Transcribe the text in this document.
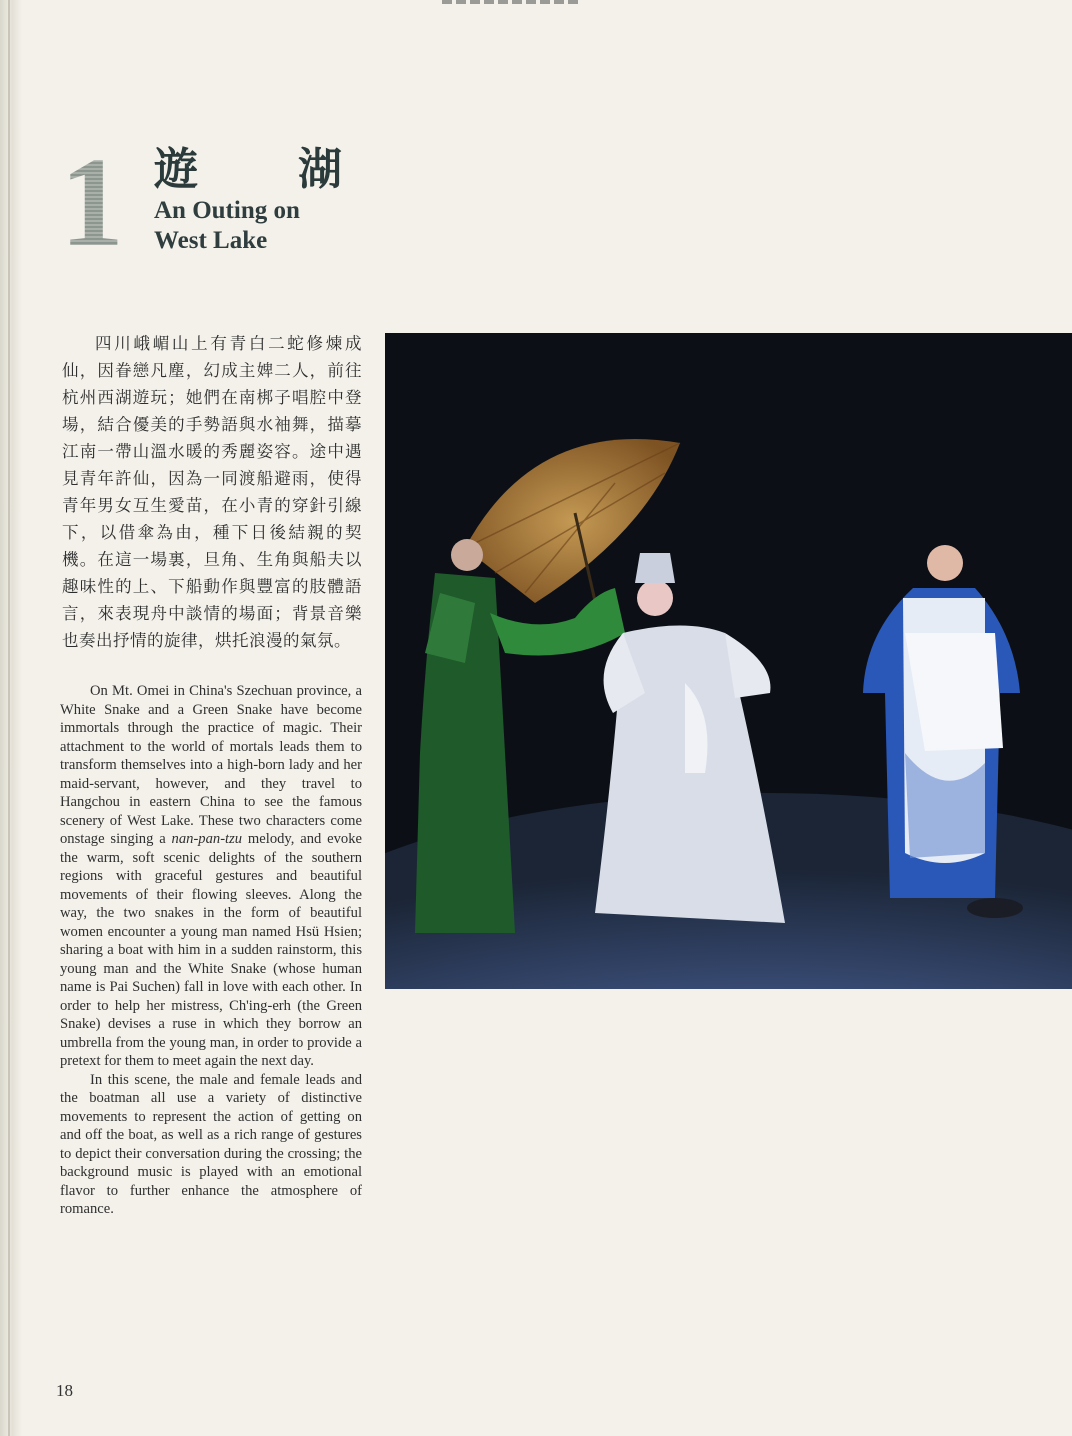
1 遊湖
An Outing on
West Lake

四川峨嵋山上有青白二蛇修煉成仙，因眷戀凡塵，幻成主婢二人，前往杭州西湖遊玩；她們在南梆子唱腔中登場，結合優美的手勢語與水袖舞，描摹江南一帶山溫水暖的秀麗姿容。途中遇見青年許仙，因為一同渡船避雨，使得青年男女互生愛苗，在小青的穿針引線下，以借傘為由，種下日後結親的契機。在這一場裏，旦角、生角與船夫以趣味性的上、下船動作與豐富的肢體語言，來表現舟中談情的場面；背景音樂也奏出抒情的旋律，烘托浪漫的氣氛。

On Mt. Omei in China's Szechuan province, a White Snake and a Green Snake have become immortals through the practice of magic. Their attachment to the world of mortals leads them to transform themselves into a high-born lady and her maid-servant, however, and they travel to Hangchou in eastern China to see the famous scenery of West Lake. These two characters come onstage singing a nan-pan-tzu melody, and evoke the warm, soft scenic delights of the southern regions with graceful gestures and beautiful movements of their flowing sleeves. Along the way, the two snakes in the form of beautiful women encounter a young man named Hsü Hsien; sharing a boat with him in a sudden rainstorm, this young man and the White Snake (whose human name is Pai Suchen) fall in love with each other. In order to help her mistress, Ch'ing-erh (the Green Snake) devises a ruse in which they borrow an umbrella from the young man, in order to provide a pretext for them to meet again the next day.

In this scene, the male and female leads and the boatman all use a variety of distinctive movements to represent the action of getting on and off the boat, as well as a rich range of gestures to depict their conversation during the crossing; the background music is played with an emotional flavor to further enhance the atmosphere of romance.

18
